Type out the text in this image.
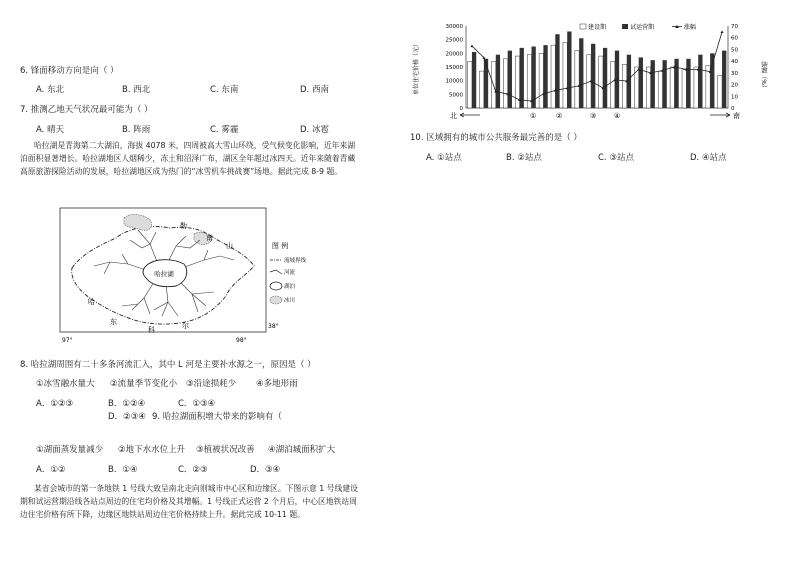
6. 锋面移动方向是向（ ）
A. 东北	B. 西北	C. 东南	D. 西南
7. 推测乙地天气状况最可能为（ ）
A. 晴天	B. 阵雨	C. 雾霾	D. 冰雹
哈拉湖是青海第二大湖泊，海拔 4078 米，四周被高大雪山环绕，受气候变化影响，近年来湖泊面积显著增长。哈拉湖地区人烟稀少，冻土和沼泽广布，湖区全年超过冰四天。近年来随着青藏高原旅游探险活动的发展，哈拉湖地区成为热门的“冰雪机车挑战赛”场地。据此完成 8-9 题。
哈拉湖
勒
南
山
哈
东
科	尔
97°	98°
38°
图 例
流域界线
河流
湖泊
冰川
8. 哈拉湖周围有二十多条河流汇入，其中 L 河是主要补水源之一，原因是（ ）
①冰雪融水量大 ②流量季节变化小 ③沿途损耗少 ④多地形雨
A．①②③	B．①②④	C．①③④
D．②③④ 9. 哈拉湖面积增大带来的影响有（
①湖面蒸发量减少 ②地下水水位上升 ③植被状况改善 ④湖泊城面积扩大
A．①②	B．①④	C．②③	D．③④
某省会城市的第一条地铁 1 号线大致呈南北走向则城市中心区和边缘区。下图示意 1 号线建设期和试运营期沿线各站点周边的住宅均价格及其增幅。1 号线正式运营 2 个月后，中心区地铁站周边住宅价格有所下降，边缘区地铁站周边住宅价格持续上升。据此完成 10-11 题。
单位住宅价格（元）	涨幅（%）
30000
25000
20000
15000
10000
5000
0
70
60
50
40
30
20
10
0
建设期	试运营期	涨幅
北	南
①	②	③	④
10. 区域拥有的城市公共服务最完善的是（ ）
A. ①站点	B. ②站点	C. ③站点	D. ④站点
